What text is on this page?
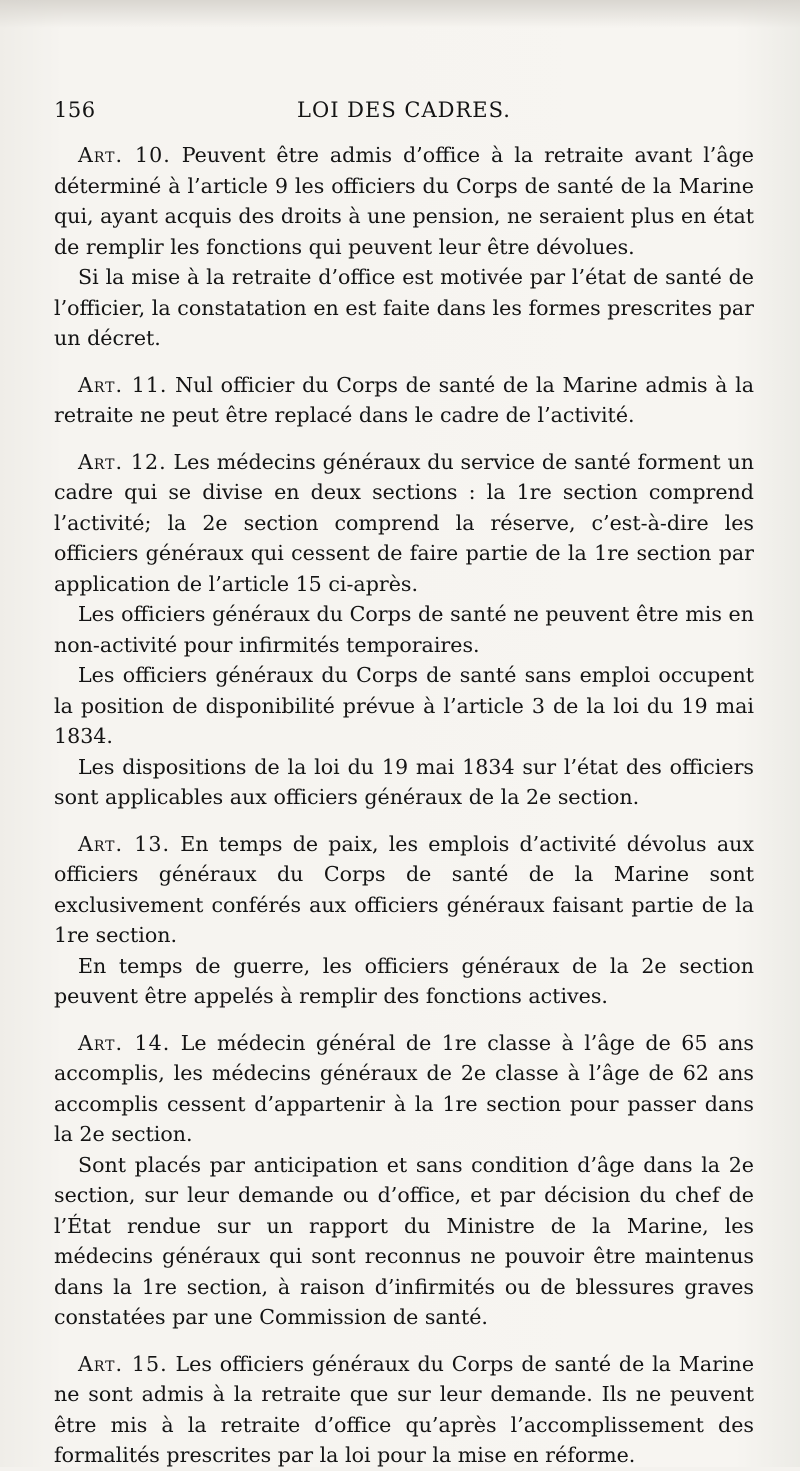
156	LOI DES CADRES.

Art. 10. Peuvent être admis d’office à la retraite avant l’âge déterminé à l’article 9 les officiers du Corps de santé de la Marine qui, ayant acquis des droits à une pension, ne seraient plus en état de remplir les fonctions qui peuvent leur être dévolues.

Si la mise à la retraite d’office est motivée par l’état de santé de l’officier, la constatation en est faite dans les formes prescrites par un décret.

Art. 11. Nul officier du Corps de santé de la Marine admis à la retraite ne peut être replacé dans le cadre de l’activité.

Art. 12. Les médecins généraux du service de santé forment un cadre qui se divise en deux sections : la 1re section comprend l’activité; la 2e section comprend la réserve, c’est-à-dire les officiers généraux qui cessent de faire partie de la 1re section par application de l’article 15 ci-après.

Les officiers généraux du Corps de santé ne peuvent être mis en non-activité pour infirmités temporaires.

Les officiers généraux du Corps de santé sans emploi occupent la position de disponibilité prévue à l’article 3 de la loi du 19 mai 1834.

Les dispositions de la loi du 19 mai 1834 sur l’état des officiers sont applicables aux officiers généraux de la 2e section.

Art. 13. En temps de paix, les emplois d’activité dévolus aux officiers généraux du Corps de santé de la Marine sont exclusivement conférés aux officiers généraux faisant partie de la 1re section.

En temps de guerre, les officiers généraux de la 2e section peuvent être appelés à remplir des fonctions actives.

Art. 14. Le médecin général de 1re classe à l’âge de 65 ans accomplis, les médecins généraux de 2e classe à l’âge de 62 ans accomplis cessent d’appartenir à la 1re section pour passer dans la 2e section.

Sont placés par anticipation et sans condition d’âge dans la 2e section, sur leur demande ou d’office, et par décision du chef de l’État rendue sur un rapport du Ministre de la Marine, les médecins généraux qui sont reconnus ne pouvoir être maintenus dans la 1re section, à raison d’infirmités ou de blessures graves constatées par une Commission de santé.

Art. 15. Les officiers généraux du Corps de santé de la Marine ne sont admis à la retraite que sur leur demande. Ils ne peuvent être mis à la retraite d’office qu’après l’accomplissement des formalités prescrites par la loi pour la mise en réforme.
